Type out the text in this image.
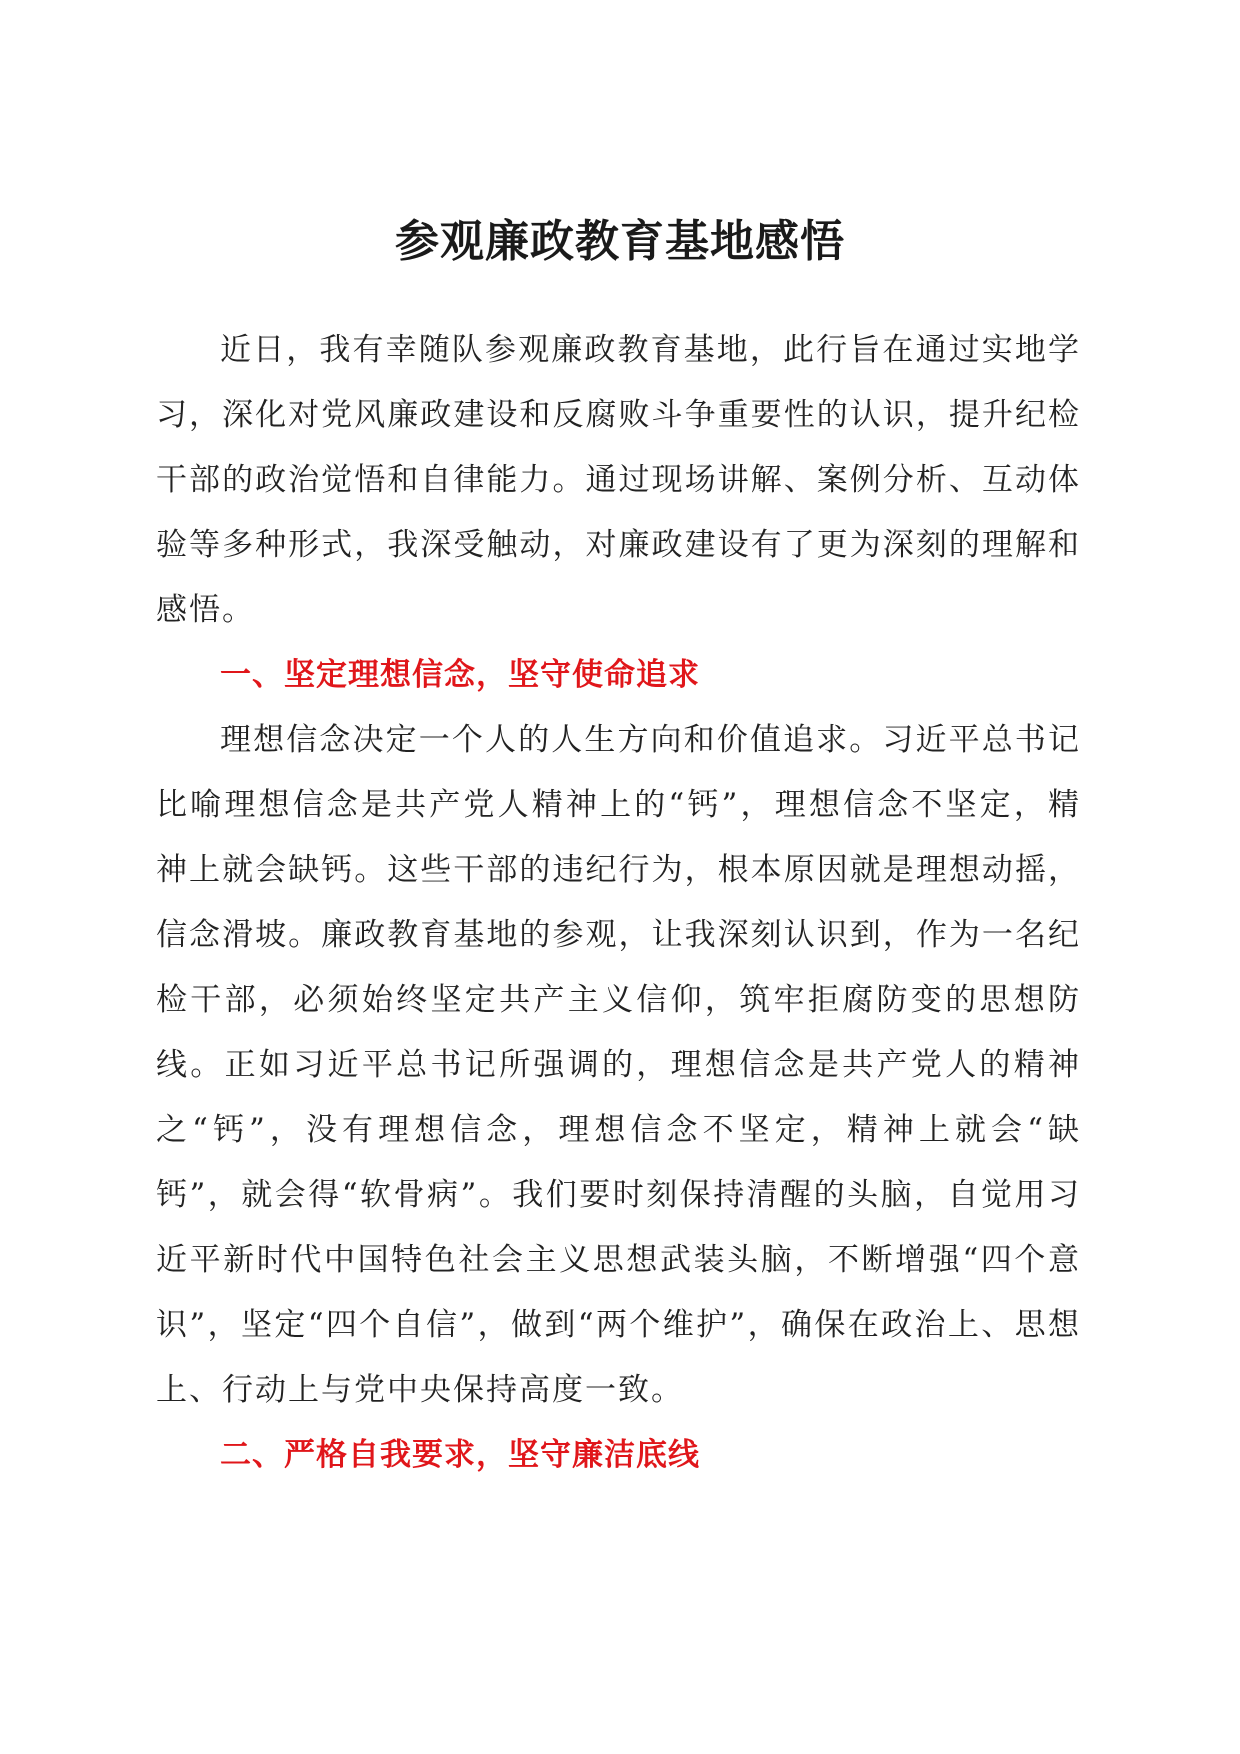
参观廉政教育基地感悟

近日，我有幸随队参观廉政教育基地，此行旨在通过实地学习，深化对党风廉政建设和反腐败斗争重要性的认识，提升纪检干部的政治觉悟和自律能力。通过现场讲解、案例分析、互动体验等多种形式，我深受触动，对廉政建设有了更为深刻的理解和感悟。

一、坚定理想信念，坚守使命追求

理想信念决定一个人的人生方向和价值追求。习近平总书记比喻理想信念是共产党人精神上的“钙”，理想信念不坚定，精神上就会缺钙。这些干部的违纪行为，根本原因就是理想动摇，信念滑坡。廉政教育基地的参观，让我深刻认识到，作为一名纪检干部，必须始终坚定共产主义信仰，筑牢拒腐防变的思想防线。正如习近平总书记所强调的，理想信念是共产党人的精神之“钙”，没有理想信念，理想信念不坚定，精神上就会“缺钙”，就会得“软骨病”。我们要时刻保持清醒的头脑，自觉用习近平新时代中国特色社会主义思想武装头脑，不断增强“四个意识”，坚定“四个自信”，做到“两个维护”，确保在政治上、思想上、行动上与党中央保持高度一致。

二、严格自我要求，坚守廉洁底线
